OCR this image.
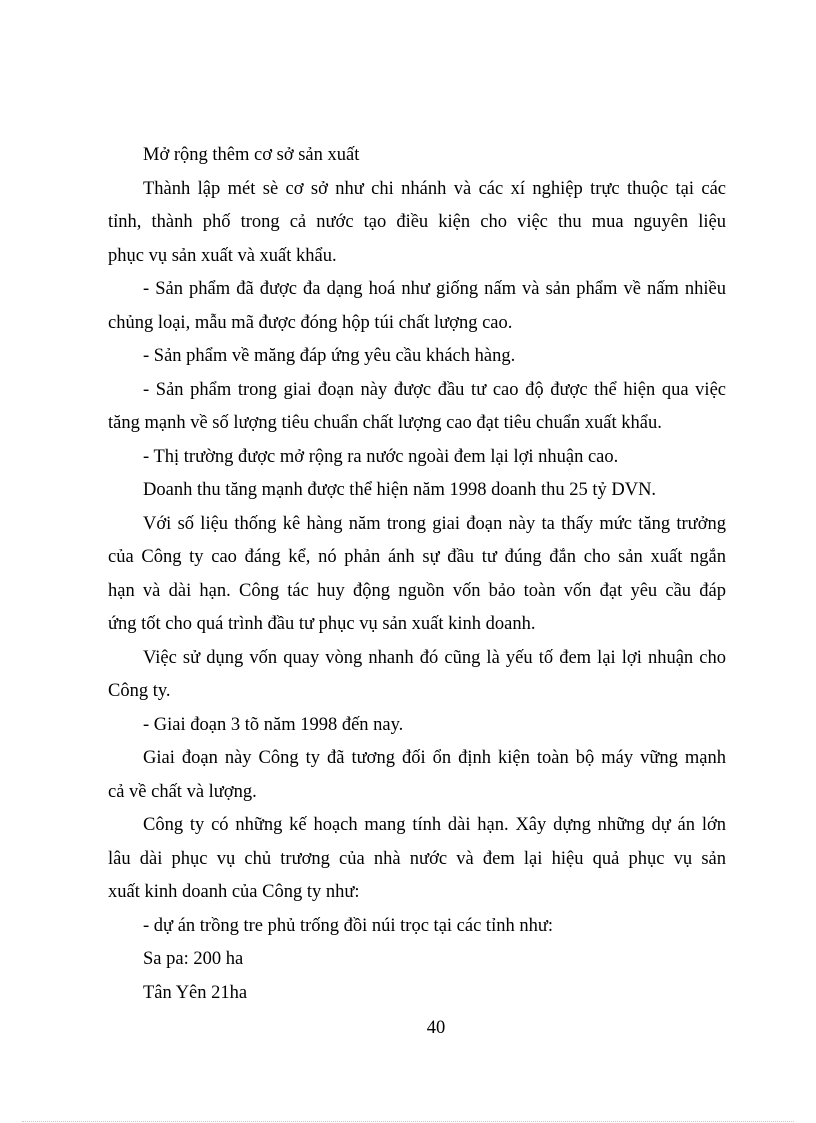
Mở rộng thêm cơ sở sản xuất
Thành lập mét sè cơ sở như chi nhánh và các xí nghiệp trực thuộc tại các
tỉnh, thành phố trong cả nước tạo điều kiện cho việc thu mua nguyên liệu
phục vụ sản xuất và xuất khẩu.
- Sản phẩm đã được đa dạng hoá như giống nấm và sản phẩm về nấm nhiều
chủng loại, mẫu mã được đóng hộp túi chất lượng cao.
- Sản phẩm về măng đáp ứng yêu cầu khách hàng.
- Sản phẩm trong giai đoạn này được đầu tư cao độ được thể hiện qua việc
tăng mạnh về số lượng tiêu chuẩn chất lượng cao đạt tiêu chuẩn xuất khẩu.
- Thị trường được mở rộng ra nước ngoài đem lại lợi nhuận cao.
Doanh thu tăng mạnh được thể hiện năm 1998 doanh thu 25 tỷ DVN.
Với số liệu thống kê hàng năm trong giai đoạn này ta thấy mức tăng trưởng
của Công ty cao đáng kể, nó phản ánh sự đầu tư đúng đắn cho sản xuất ngắn
hạn và dài hạn. Công tác huy động nguồn vốn bảo toàn vốn đạt yêu cầu đáp
ứng tốt cho quá trình đầu tư phục vụ sản xuất kinh doanh.
Việc sử dụng vốn quay vòng nhanh đó cũng là yếu tố đem lại lợi nhuận cho
Công ty.
- Giai đoạn 3 tõ năm 1998 đến nay.
Giai đoạn này Công ty đã tương đối ổn định kiện toàn bộ máy vững mạnh
cả về chất và lượng.
Công ty có những kế hoạch mang tính dài hạn. Xây dựng những dự án lớn
lâu dài phục vụ chủ trương của nhà nước và đem lại hiệu quả phục vụ sản
xuất kinh doanh của Công ty như:
- dự án trồng tre phủ trống đồi núi trọc tại các tỉnh như:
Sa pa: 200 ha
Tân Yên 21ha
40
